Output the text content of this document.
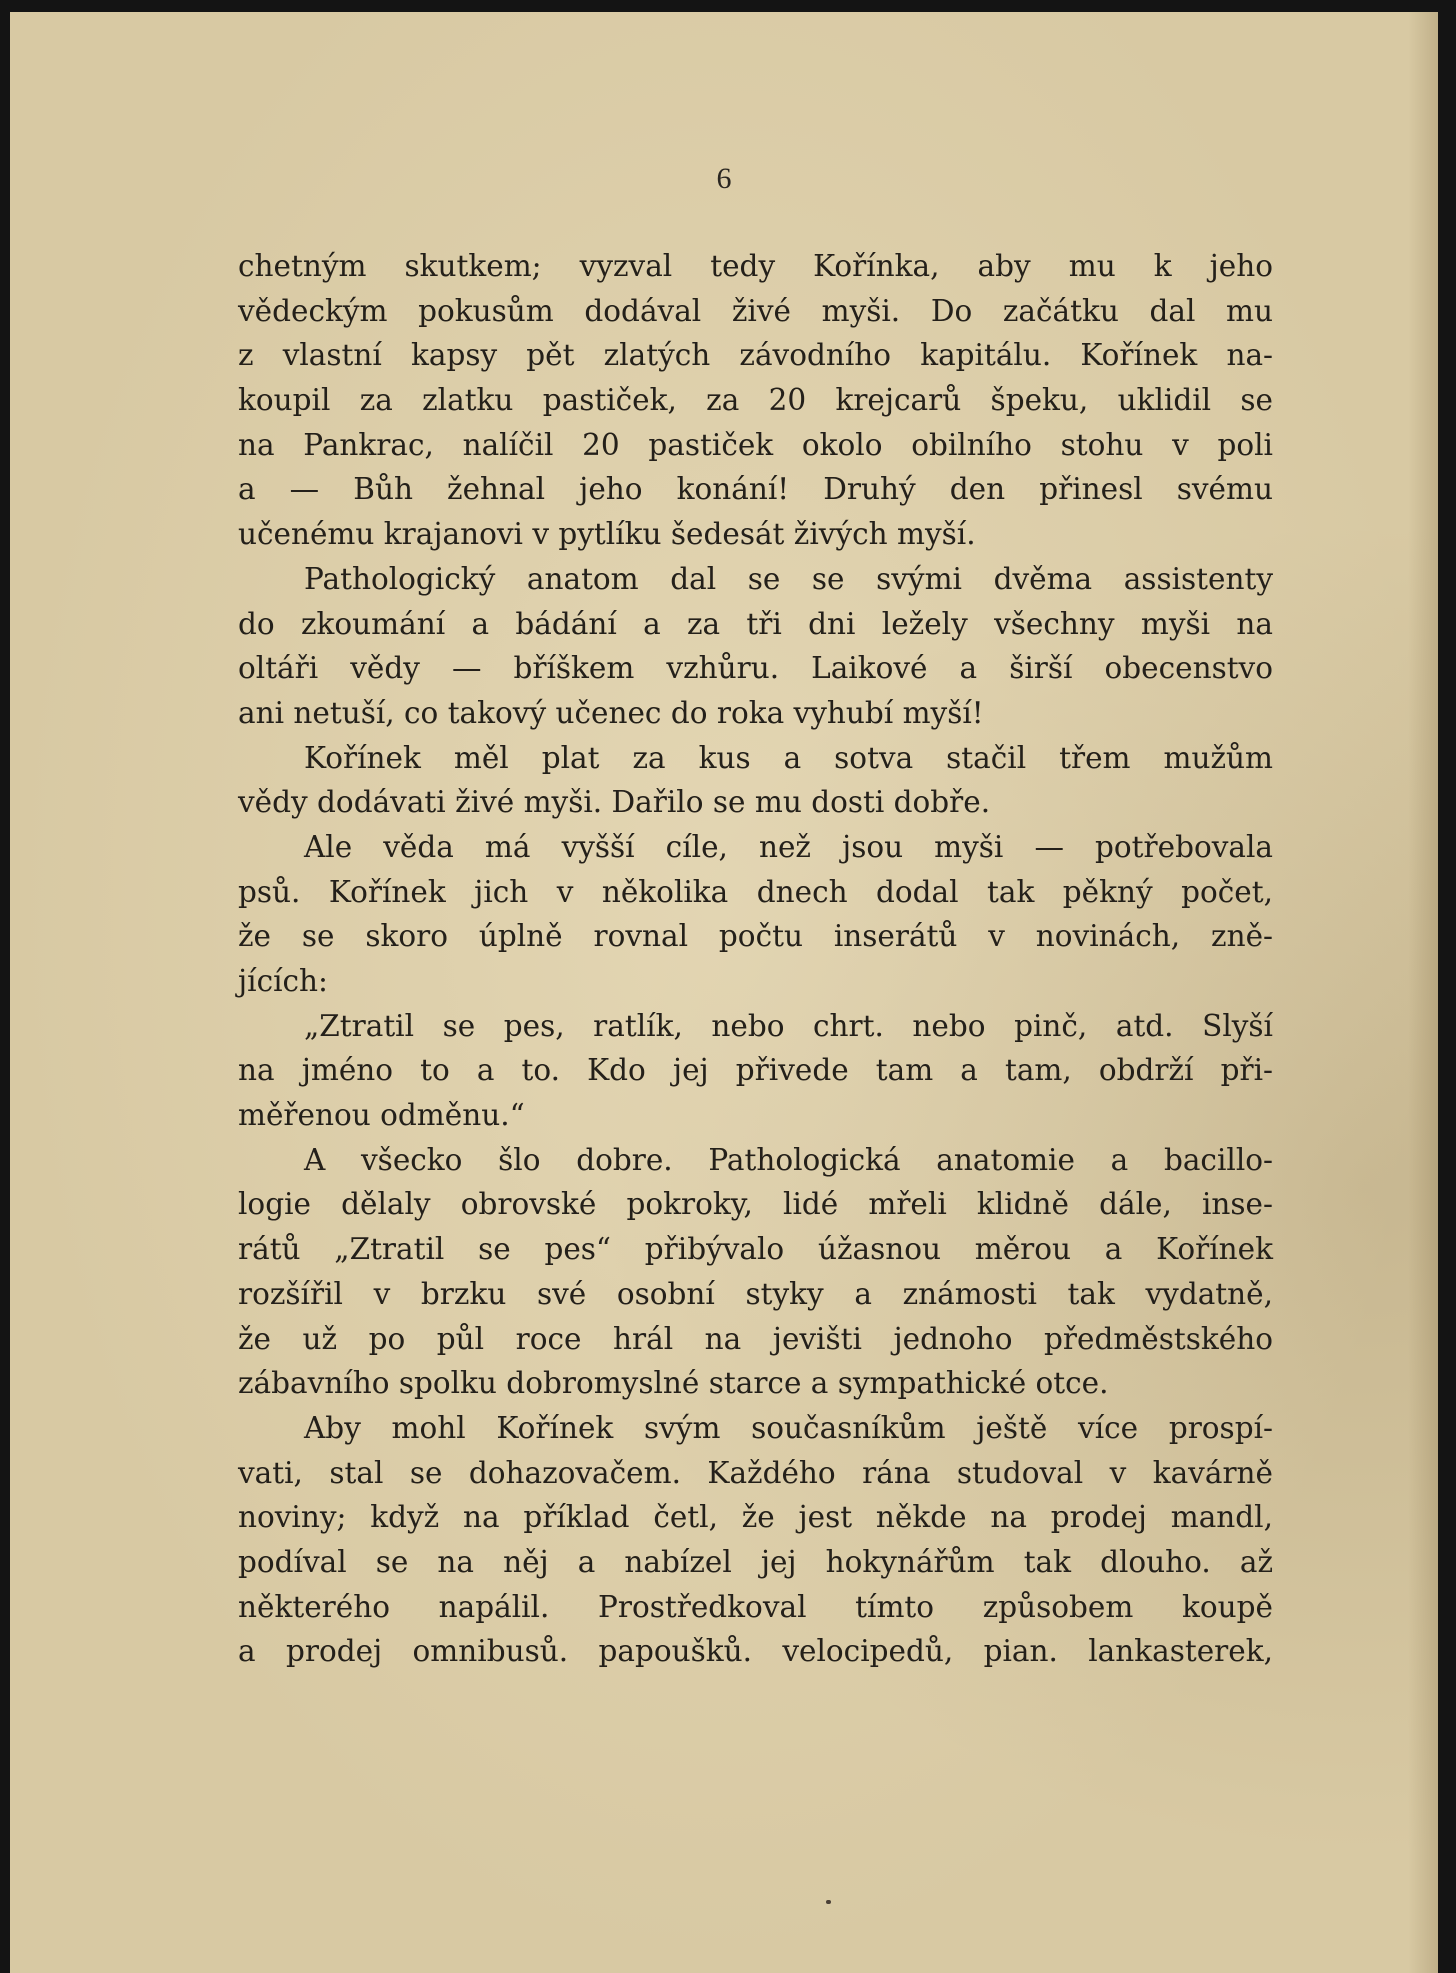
6
chetným skutkem; vyzval tedy Kořínka, aby mu k jeho
vědeckým pokusům dodával živé myši. Do začátku dal mu
z vlastní kapsy pět zlatých závodního kapitálu. Kořínek na-
koupil za zlatku pastiček, za 20 krejcarů špeku, uklidil se
na Pankrac, nalíčil 20 pastiček okolo obilního stohu v poli
a — Bůh žehnal jeho konání! Druhý den přinesl svému
učenému krajanovi v pytlíku šedesát živých myší.
Pathologický anatom dal se se svými dvěma assistenty
do zkoumání a bádání a za tři dni ležely všechny myši na
oltáři vědy — bříškem vzhůru. Laikové a širší obecenstvo
ani netuší, co takový učenec do roka vyhubí myší!
Kořínek měl plat za kus a sotva stačil třem mužům
vědy dodávati živé myši. Dařilo se mu dosti dobře.
Ale věda má vyšší cíle, než jsou myši — potřebovala
psů. Kořínek jich v několika dnech dodal tak pěkný počet,
že se skoro úplně rovnal počtu inserátů v novinách, zně-
jících:
„Ztratil se pes, ratlík, nebo chrt. nebo pinč, atd. Slyší
na jméno to a to. Kdo jej přivede tam a tam, obdrží při-
měřenou odměnu.“
A všecko šlo dobre. Pathologická anatomie a bacillo-
logie dělaly obrovské pokroky, lidé mřeli klidně dále, inse-
rátů „Ztratil se pes“ přibývalo úžasnou měrou a Kořínek
rozšířil v brzku své osobní styky a známosti tak vydatně,
že už po půl roce hrál na jevišti jednoho předměstského
zábavního spolku dobromyslné starce a sympathické otce.
Aby mohl Kořínek svým současníkům ještě více prospí-
vati, stal se dohazovačem. Každého rána studoval v kavárně
noviny; když na příklad četl, že jest někde na prodej mandl,
podíval se na něj a nabízel jej hokynářům tak dlouho. až
některého napálil. Prostředkoval tímto způsobem koupě
a prodej omnibusů. papoušků. velocipedů, pian. lankasterek,
